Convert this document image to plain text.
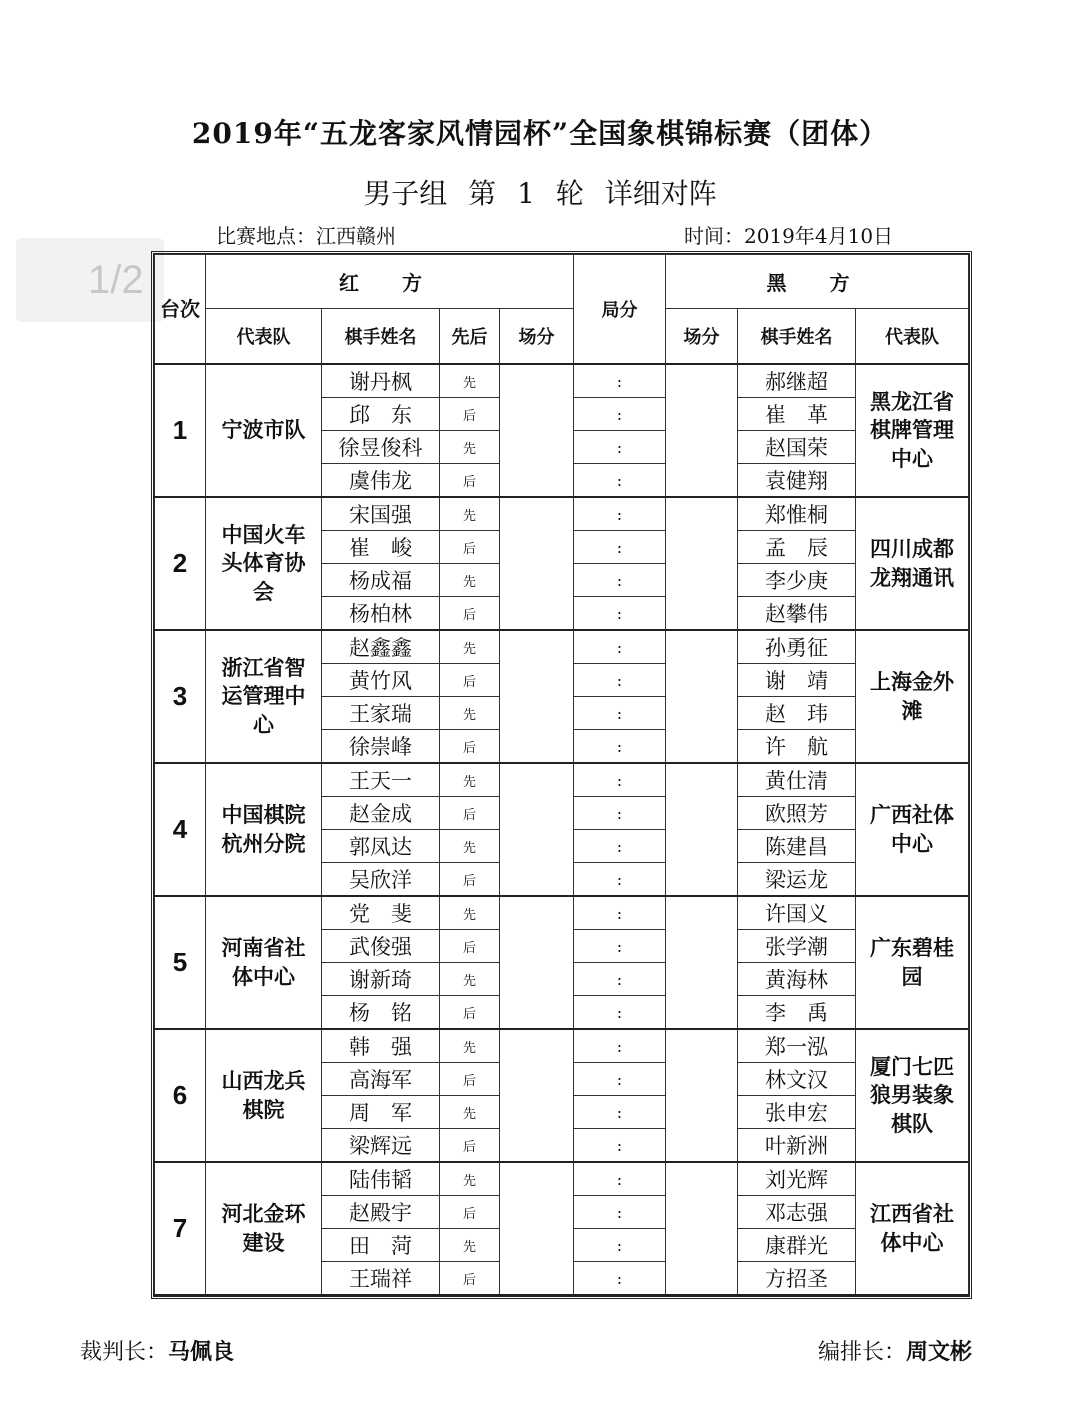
1/2
2019年“五龙客家风情园杯”全国象棋锦标赛（团体）
男子组 第 1 轮 详细对阵
比赛地点：江西赣州	时间：2019年4月10日
台次	红 方				局分	黑 方		
	代表队	棋手姓名	先后	场分		场分	棋手姓名	代表队
1	宁波市队	谢丹枫	先		:		郝继超	黑龙江省棋牌管理中心
		邱　东	后		:		崔　革	
		徐昱俊科	先		:		赵国荣	
		虞伟龙	后		:		袁健翔	
2	中国火车头体育协会	宋国强	先		:		郑惟桐	四川成都龙翔通讯
		崔　峻	后		:		孟　辰	
		杨成福	先		:		李少庚	
		杨柏林	后		:		赵攀伟	
3	浙江省智运管理中心	赵鑫鑫	先		:		孙勇征	上海金外滩
		黄竹风	后		:		谢　靖	
		王家瑞	先		:		赵　玮	
		徐崇峰	后		:		许　航	
4	中国棋院杭州分院	王天一	先		:		黄仕清	广西社体中心
		赵金成	后		:		欧照芳	
		郭凤达	先		:		陈建昌	
		吴欣洋	后		:		梁运龙	
5	河南省社体中心	党　斐	先		:		许国义	广东碧桂园
		武俊强	后		:		张学潮	
		谢新琦	先		:		黄海林	
		杨　铭	后		:		李　禹	
6	山西龙兵棋院	韩　强	先		:		郑一泓	厦门七匹狼男装象棋队
		高海军	后		:		林文汉	
		周　军	先		:		张申宏	
		梁辉远	后		:		叶新洲	
7	河北金环建设	陆伟韬	先		:		刘光辉	江西省社体中心
		赵殿宇	后		:		邓志强	
		田　菏	先		:		康群光	
		王瑞祥	后		:		方招圣	
裁判长：马佩良	编排长：周文彬
